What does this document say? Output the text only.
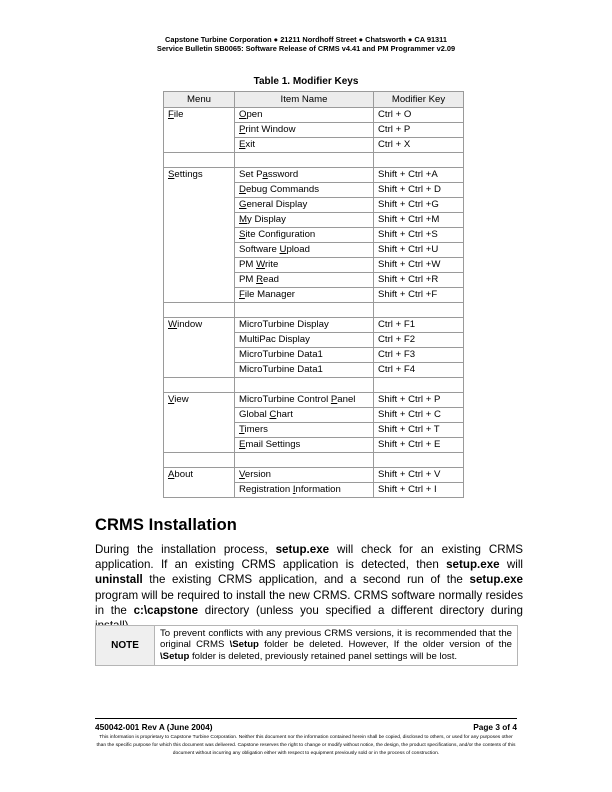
Capstone Turbine Corporation ● 21211 Nordhoff Street ● Chatsworth ● CA 91311
Service Bulletin SB0065: Software Release of CRMS v4.41 and PM Programmer v2.09
Table 1. Modifier Keys
Menu	Item Name	Modifier Key
File	Open	Ctrl + O
	Print Window	Ctrl + P
	Exit	Ctrl + X

Settings	Set Password	Shift + Ctrl +A
	Debug Commands	Shift + Ctrl + D
	General Display	Shift + Ctrl +G
	My Display	Shift + Ctrl +M
	Site Configuration	Shift + Ctrl +S
	Software Upload	Shift + Ctrl +U
	PM Write	Shift + Ctrl +W
	PM Read	Shift + Ctrl +R
	File Manager	Shift + Ctrl +F

Window	MicroTurbine Display	Ctrl + F1
	MultiPac Display	Ctrl + F2
	MicroTurbine Data1	Ctrl + F3
	MicroTurbine Data1	Ctrl + F4

View	MicroTurbine Control Panel	Shift + Ctrl + P
	Global Chart	Shift + Ctrl + C
	Timers	Shift + Ctrl + T
	Email Settings	Shift + Ctrl + E

About	Version	Shift + Ctrl + V
	Registration Information	Shift + Ctrl + I
CRMS Installation
During the installation process, setup.exe will check for an existing CRMS application. If an existing CRMS application is detected, then setup.exe will uninstall the existing CRMS application, and a second run of the setup.exe program will be required to install the new CRMS. CRMS software normally resides in the c:\capstone directory (unless you specified a different directory during
NOTE	To prevent conflicts with any previous CRMS versions, it is recommended that the original CRMS \Setup folder be deleted. However, If the older version of the \Setup folder is deleted, previously retained panel settings will be lost.
450042-001 Rev A (June 2004)	Page 3 of 4
This information is proprietary to Capstone Turbine Corporation. Neither this document nor the information contained herein shall be copied, disclosed to others, or used for any purposes other than the specific purpose for which this document was delivered. Capstone reserves the right to change or modify without notice, the design, the product specifications, and/or the contents of this document without incurring any obligation either with respect to equipment previously sold or in the process of construction.
